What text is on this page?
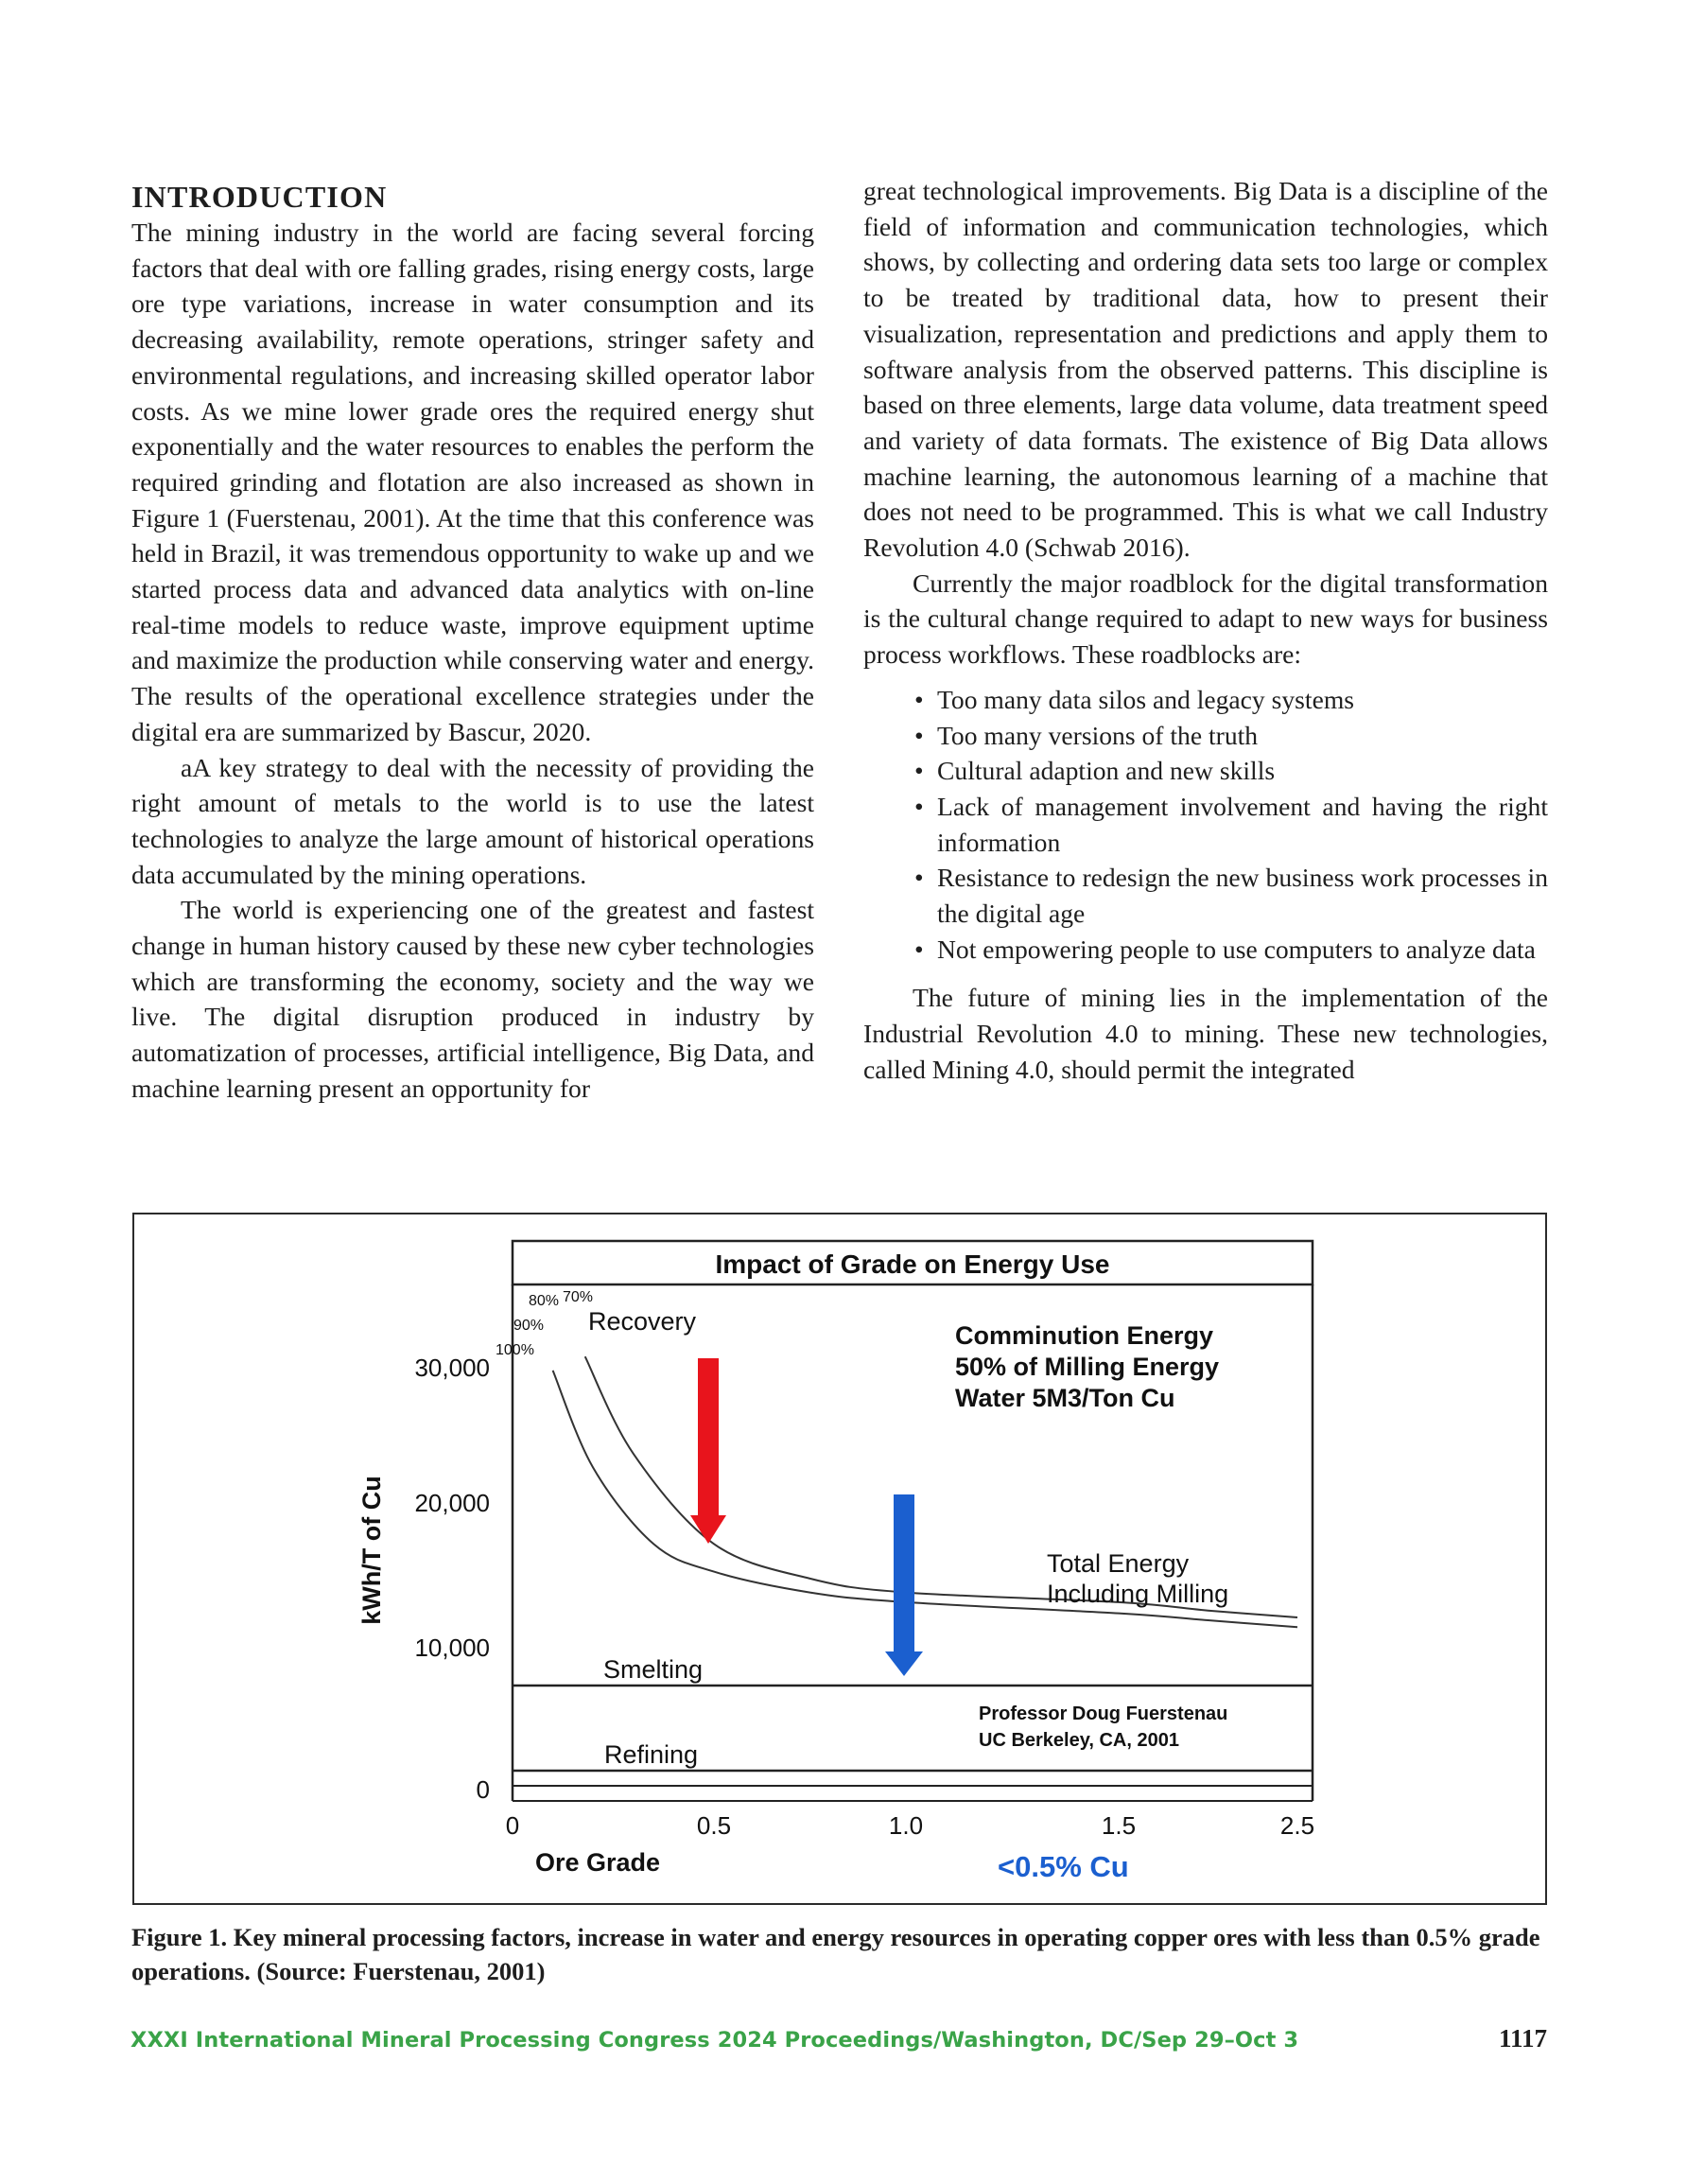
INTRODUCTION

The mining industry in the world are facing several forcing factors that deal with ore falling grades, rising energy costs, large ore type variations, increase in water consumption and its decreasing availability, remote operations, stringer safety and environmental regulations, and increasing skilled operator labor costs. As we mine lower grade ores the required energy shut exponentially and the water resources to enables the perform the required grinding and flotation are also increased as shown in Figure 1 (Fuerstenau, 2001). At the time that this conference was held in Brazil, it was tremendous opportunity to wake up and we started process data and advanced data analytics with on-line real-time models to reduce waste, improve equipment uptime and maximize the production while conserving water and energy. The results of the operational excellence strategies under the digital era are summarized by Bascur, 2020.

aA key strategy to deal with the necessity of providing the right amount of metals to the world is to use the latest technologies to analyze the large amount of historical operations data accumulated by the mining operations.

The world is experiencing one of the greatest and fastest change in human history caused by these new cyber technologies which are transforming the economy, society and the way we live. The digital disruption produced in industry by automatization of processes, artificial intelligence, Big Data, and machine learning present an opportunity for

great technological improvements. Big Data is a discipline of the field of information and communication technologies, which shows, by collecting and ordering data sets too large or complex to be treated by traditional data, how to present their visualization, representation and predictions and apply them to software analysis from the observed patterns. This discipline is based on three elements, large data volume, data treatment speed and variety of data formats. The existence of Big Data allows machine learning, the autonomous learning of a machine that does not need to be programmed. This is what we call Industry Revolution 4.0 (Schwab 2016).

Currently the major roadblock for the digital transformation is the cultural change required to adapt to new ways for business process workflows. These roadblocks are:

• Too many data silos and legacy systems
• Too many versions of the truth
• Cultural adaption and new skills
• Lack of management involvement and having the right information
• Resistance to redesign the new business work processes in the digital age
• Not empowering people to use computers to analyze data

The future of mining lies in the implementation of the Industrial Revolution 4.0 to mining. These new technologies, called Mining 4.0, should permit the integrated

Impact of Grade on Energy Use
80% 70%
90%
100%
Recovery	Comminution Energy
50% of Milling Energy
Water 5M3/Ton Cu
Total Energy
Including Milling
Smelting
Refining
Professor Doug Fuerstenau
UC Berkeley, CA, 2001
kWh/T of Cu
30,000
20,000
10,000
0
0	0.5	1.0	1.5	2.5
Ore Grade	<0.5% Cu
Figure 1. Key mineral processing factors, increase in water and energy resources in operating copper ores with less than 0.5% grade operations. (Source: Fuerstenau, 2001)
XXXI International Mineral Processing Congress 2024 Proceedings/Washington, DC/Sep 29–Oct 3	1117
